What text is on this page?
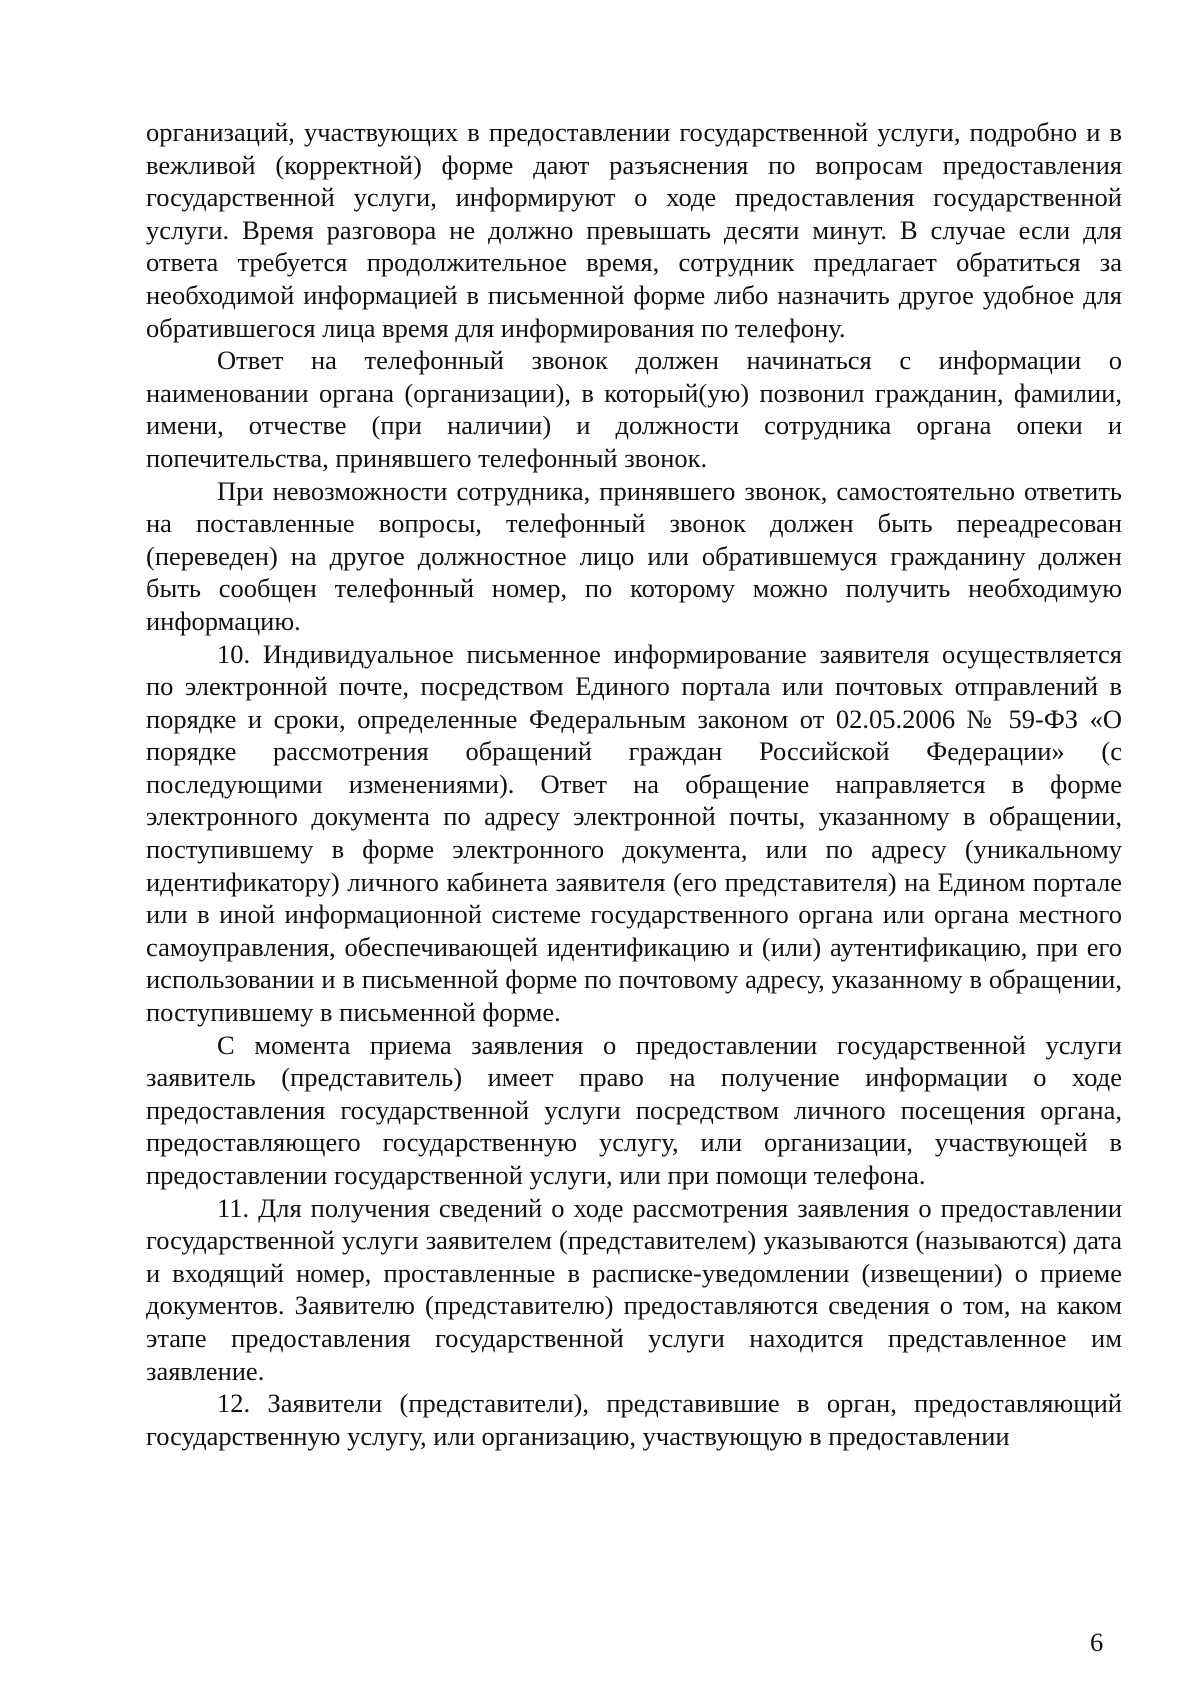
организаций, участвующих в предоставлении государственной услуги, подробно и в вежливой (корректной) форме дают разъяснения по вопросам предоставления государственной услуги, информируют о ходе предоставления государственной услуги. Время разговора не должно превышать десяти минут. В случае если для ответа требуется продолжительное время, сотрудник предлагает обратиться за необходимой информацией в письменной форме либо назначить другое удобное для обратившегося лица время для информирования по телефону.

Ответ на телефонный звонок должен начинаться с информации о наименовании органа (организации), в который(ую) позвонил гражданин, фамилии, имени, отчестве (при наличии) и должности сотрудника органа опеки и попечительства, принявшего телефонный звонок.

При невозможности сотрудника, принявшего звонок, самостоятельно ответить на поставленные вопросы, телефонный звонок должен быть переадресован (переведен) на другое должностное лицо или обратившемуся гражданину должен быть сообщен телефонный номер, по которому можно получить необходимую информацию.

10. Индивидуальное письменное информирование заявителя осуществляется по электронной почте, посредством Единого портала или почтовых отправлений в порядке и сроки, определенные Федеральным законом от 02.05.2006 № 59-ФЗ «О порядке рассмотрения обращений граждан Российской Федерации» (с последующими изменениями). Ответ на обращение направляется в форме электронного документа по адресу электронной почты, указанному в обращении, поступившему в форме электронного документа, или по адресу (уникальному идентификатору) личного кабинета заявителя (его представителя) на Едином портале или в иной информационной системе государственного органа или органа местного самоуправления, обеспечивающей идентификацию и (или) аутентификацию, при его использовании и в письменной форме по почтовому адресу, указанному в обращении, поступившему в письменной форме.

С момента приема заявления о предоставлении государственной услуги заявитель (представитель) имеет право на получение информации о ходе предоставления государственной услуги посредством личного посещения органа, предоставляющего государственную услугу, или организации, участвующей в предоставлении государственной услуги, или при помощи телефона.

11. Для получения сведений о ходе рассмотрения заявления о предоставлении государственной услуги заявителем (представителем) указываются (называются) дата и входящий номер, проставленные в расписке-уведомлении (извещении) о приеме документов. Заявителю (представителю) предоставляются сведения о том, на каком этапе предоставления государственной услуги находится представленное им заявление.

12. Заявители (представители), представившие в орган, предоставляющий государственную услугу, или организацию, участвующую в предоставлении

6
